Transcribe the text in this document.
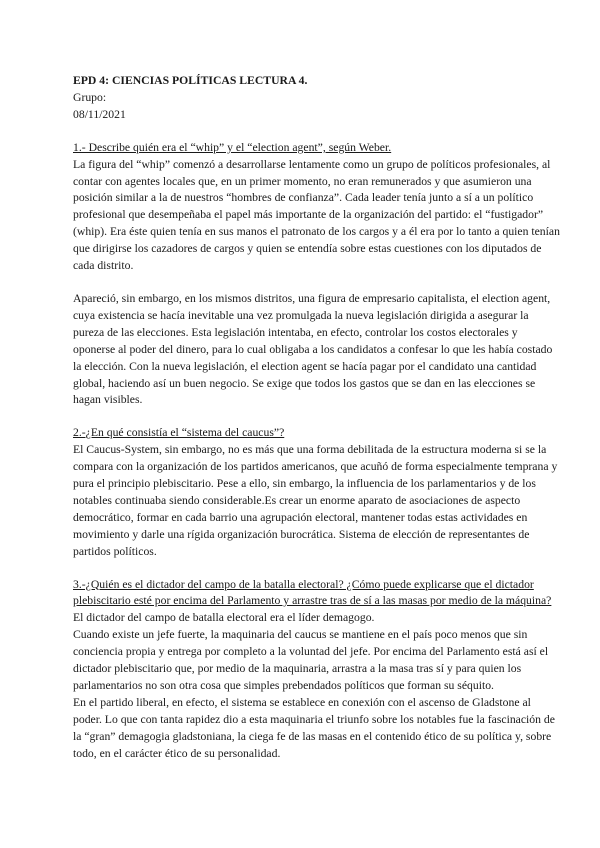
EPD 4: CIENCIAS POLÍTICAS LECTURA 4.

Grupo:

08/11/2021

1.- Describe quién era el “whip” y el “election agent”, según Weber.

La figura del “whip” comenzó a desarrollarse lentamente como un grupo de políticos profesionales, al contar con agentes locales que, en un primer momento, no eran remunerados y que asumieron una posición similar a la de nuestros “hombres de confianza”. Cada leader tenía junto a sí a un político profesional que desempeñaba el papel más importante de la organización del partido: el “fustigador” (whip). Era éste quien tenía en sus manos el patronato de los cargos y a él era por lo tanto a quien tenían que dirigirse los cazadores de cargos y quien se entendía sobre estas cuestiones con los diputados de cada distrito.

Apareció, sin embargo, en los mismos distritos, una figura de empresario capitalista, el election agent, cuya existencia se hacía inevitable una vez promulgada la nueva legislación dirigida a asegurar la pureza de las elecciones. Esta legislación intentaba, en efecto, controlar los costos electorales y oponerse al poder del dinero, para lo cual obligaba a los candidatos a confesar lo que les había costado la elección. Con la nueva legislación, el election agent se hacía pagar por el candidato una cantidad global, haciendo así un buen negocio. Se exige que todos los gastos que se dan en las elecciones se hagan visibles.

2.-¿En qué consistía el “sistema del caucus”?

El Caucus-System, sin embargo, no es más que una forma debilitada de la estructura moderna si se la compara con la organización de los partidos americanos, que acuñó de forma especialmente temprana y pura el principio plebiscitario. Pese a ello, sin embargo, la influencia de los parlamentarios y de los notables continuaba siendo considerable.Es crear un enorme aparato de asociaciones de aspecto democrático, formar en cada barrio una agrupación electoral, mantener todas estas actividades en movimiento y darle una rígida organización burocrática. Sistema de elección de representantes de partidos políticos.

3.-¿Quién es el dictador del campo de la batalla electoral? ¿Cómo puede explicarse que el dictador plebiscitario esté por encima del Parlamento y arrastre tras de sí a las masas por medio de la máquina?

El dictador del campo de batalla electoral era el líder demagogo.

Cuando existe un jefe fuerte, la maquinaria del caucus se mantiene en el país poco menos que sin conciencia propia y entrega por completo a la voluntad del jefe. Por encima del Parlamento está así el dictador plebiscitario que, por medio de la maquinaria, arrastra a la masa tras sí y para quien los parlamentarios no son otra cosa que simples prebendados políticos que forman su séquito.

En el partido liberal, en efecto, el sistema se establece en conexión con el ascenso de Gladstone al poder. Lo que con tanta rapidez dio a esta maquinaria el triunfo sobre los notables fue la fascinación de la “gran” demagogia gladstoniana, la ciega fe de las masas en el contenido ético de su política y, sobre todo, en el carácter ético de su personalidad.
